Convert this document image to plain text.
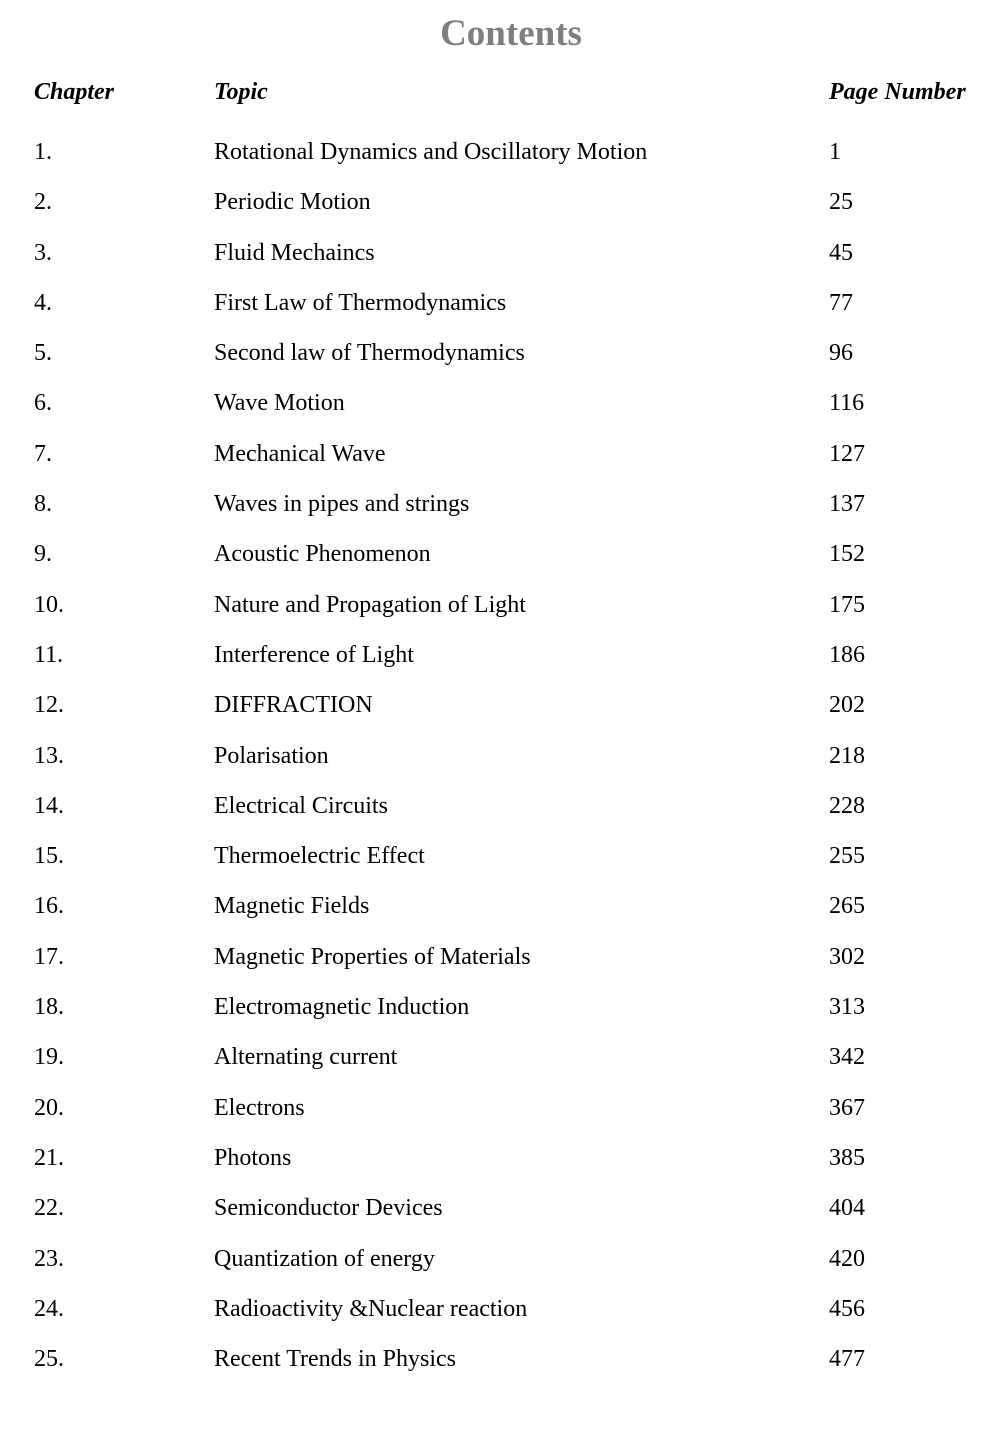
Contents
Chapter	Topic	Page Number
1.	Rotational Dynamics and Oscillatory Motion	1
2.	Periodic Motion	25
3.	Fluid Mechaincs	45
4.	First Law of Thermodynamics	77
5.	Second law of Thermodynamics	96
6.	Wave Motion	116
7.	Mechanical Wave	127
8.	Waves in pipes and strings	137
9.	Acoustic Phenomenon	152
10.	Nature and Propagation of Light	175
11.	Interference of Light	186
12.	DIFFRACTION	202
13.	Polarisation	218
14.	Electrical Circuits	228
15.	Thermoelectric Effect	255
16.	Magnetic Fields	265
17.	Magnetic Properties of Materials	302
18.	Electromagnetic Induction	313
19.	Alternating current	342
20.	Electrons	367
21.	Photons	385
22.	Semiconductor Devices	404
23.	Quantization of energy	420
24.	Radioactivity &Nuclear reaction	456
25.	Recent Trends in Physics	477
